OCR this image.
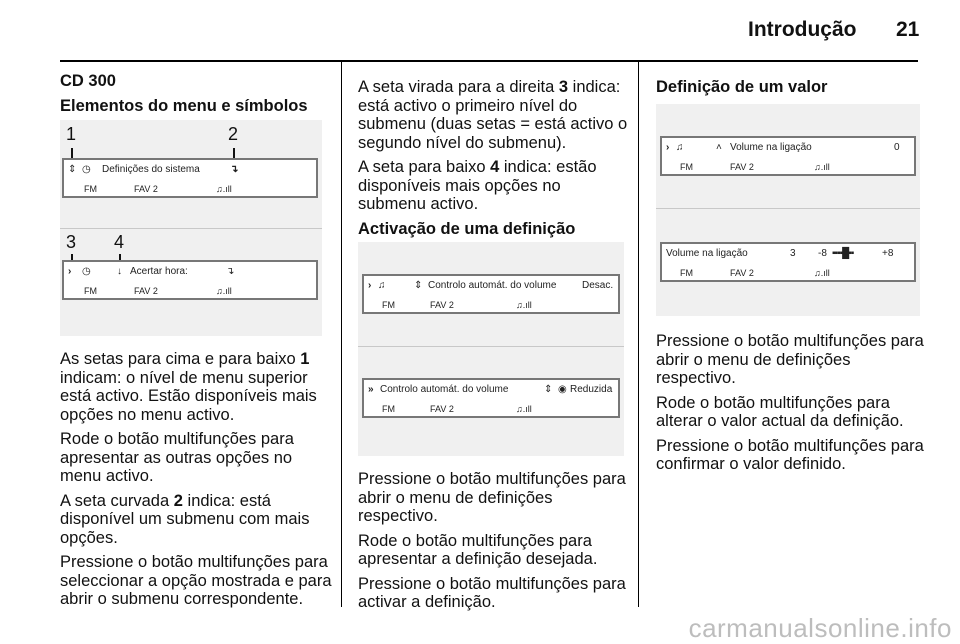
Introdução 21

CD 300

Elementos do menu e símbolos

1	2
⇕ ◷ Definições do sistema	↴
FM	FAV 2	♫.ıll
3 4
› ◷	↓ Acertar hora:	↴
FM	FAV 2	♫.ıll

As setas para cima e para baixo 1 indicam: o nível de menu superior está activo. Estão disponíveis mais opções no menu activo.

Rode o botão multifunções para apresentar as outras opções no menu activo.

A seta curvada 2 indica: está disponível um submenu com mais opções.

Pressione o botão multifunções para seleccionar a opção mostrada e para abrir o submenu correspondente.

A seta virada para a direita 3 indica: está activo o primeiro nível do submenu (duas setas = está activo o segundo nível do submenu).

A seta para baixo 4 indica: estão disponíveis mais opções no submenu activo.

Activação de uma definição

› ♫	⇕ Controlo automát. do volume	Desac.
FM	FAV 2	♫.ıll
» Controlo automát. do volume	⇕ ◉ Reduzida
FM	FAV 2	♫.ıll

Pressione o botão multifunções para abrir o menu de definições respectivo.

Rode o botão multifunções para apresentar a definição desejada.

Pressione o botão multifunções para activar a definição.

Definição de um valor

› ♫	˄ Volume na ligação	0
FM	FAV 2	♫.ıll
Volume na ligação	3 -8 ▪▪▪▪█▪▪	+8
FM	FAV 2	♫.ıll

Pressione o botão multifunções para abrir o menu de definições respectivo.

Rode o botão multifunções para alterar o valor actual da definição.

Pressione o botão multifunções para confirmar o valor definido.

carmanualsonline.info
